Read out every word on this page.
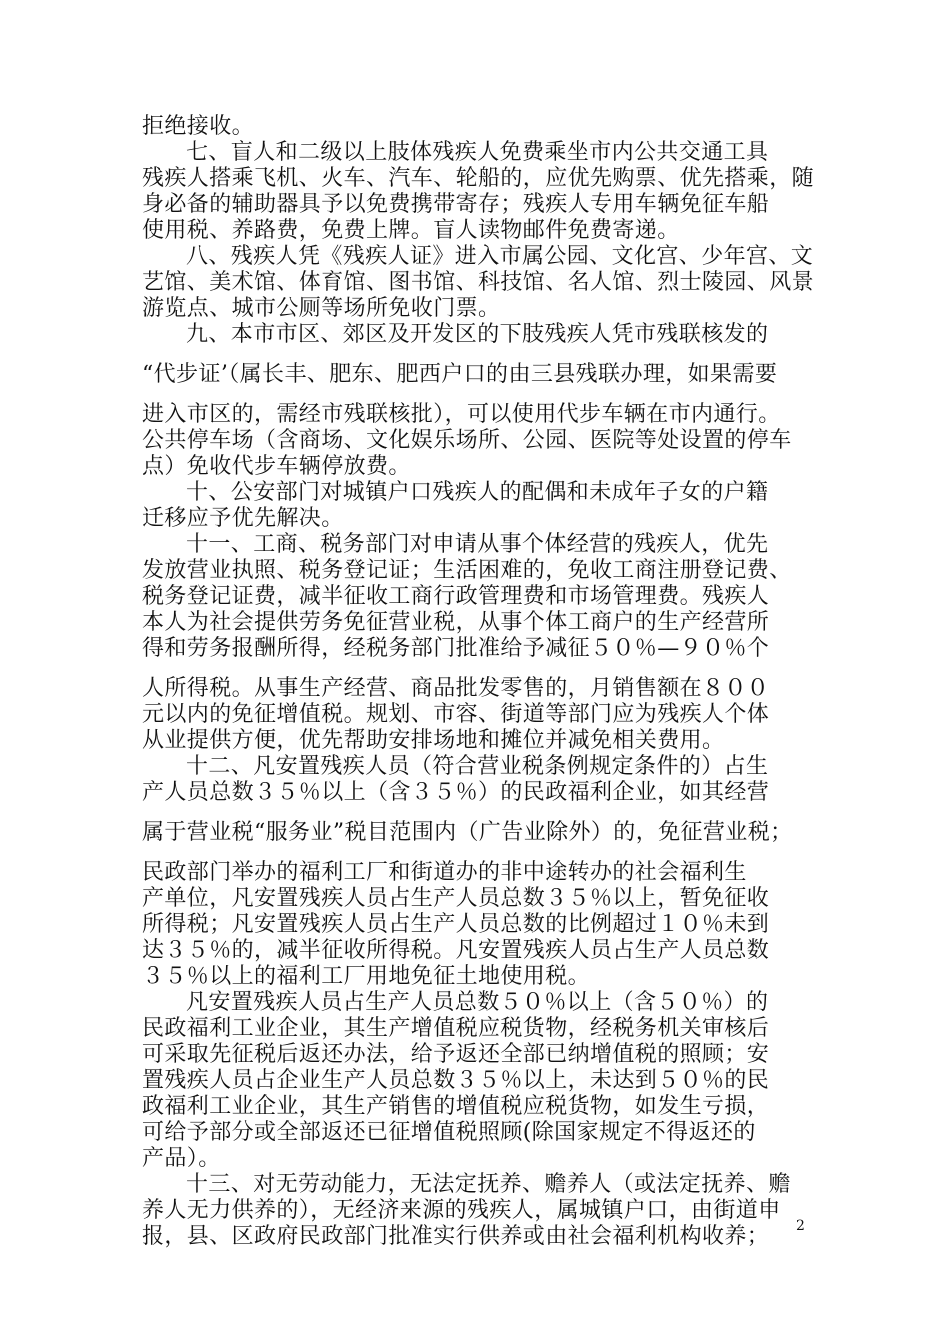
拒绝接收。
七、盲人和二级以上肢体残疾人免费乘坐市内公共交通工具
残疾人搭乘飞机、火车、汽车、轮船的，应优先购票、优先搭乘，随
身必备的辅助器具予以免费携带寄存；残疾人专用车辆免征车船
使用税、养路费，免费上牌。盲人读物邮件免费寄递。
八、残疾人凭《残疾人证》进入市属公园、文化宫、少年宫、文
艺馆、美术馆、体育馆、图书馆、科技馆、名人馆、烈士陵园、风景
游览点、城市公厕等场所免收门票。
九、本市市区、郊区及开发区的下肢残疾人凭市残联核发的
“代步证’（属长丰、肥东、肥西户口的由三县残联办理，如果需要
进入市区的，需经市残联核批），可以使用代步车辆在市内通行。
公共停车场（含商场、文化娱乐场所、公园、医院等处设置的停车
点）免收代步车辆停放费。
十、公安部门对城镇户口残疾人的配偶和未成年子女的户籍
迁移应予优先解决。
十一、工商、税务部门对申请从事个体经营的残疾人，优先
发放营业执照、税务登记证；生活困难的，免收工商注册登记费、
税务登记证费，减半征收工商行政管理费和市场管理费。残疾人
本人为社会提供劳务免征营业税，从事个体工商户的生产经营所
得和劳务报酬所得，经税务部门批准给予减征５０％—９０％个
人所得税。从事生产经营、商品批发零售的，月销售额在８００
元以内的免征增值税。规划、市容、街道等部门应为残疾人个体
从业提供方便，优先帮助安排场地和摊位并减免相关费用。
十二、凡安置残疾人员（符合营业税条例规定条件的）占生
产人员总数３５％以上（含３５％）的民政福利企业，如其经营
属于营业税“服务业”税目范围内（广告业除外）的，免征营业税；
民政部门举办的福利工厂和街道办的非中途转办的社会福利生
产单位，凡安置残疾人员占生产人员总数３５％以上，暂免征收
所得税；凡安置残疾人员占生产人员总数的比例超过１０％未到
达３５％的，减半征收所得税。凡安置残疾人员占生产人员总数
３５％以上的福利工厂用地免征土地使用税。
凡安置残疾人员占生产人员总数５０％以上（含５０％）的
民政福利工业企业，其生产增值税应税货物，经税务机关审核后
可采取先征税后返还办法，给予返还全部已纳增值税的照顾；安
置残疾人员占企业生产人员总数３５％以上，未达到５０％的民
政福利工业企业，其生产销售的增值税应税货物，如发生亏损，
可给予部分或全部返还已征增值税照顾(除国家规定不得返还的
产品）。
十三、对无劳动能力，无法定抚养、赡养人（或法定抚养、赡
养人无力供养的），无经济来源的残疾人，属城镇户口，由街道申
报，县、区政府民政部门批准实行供养或由社会福利机构收养；	2
